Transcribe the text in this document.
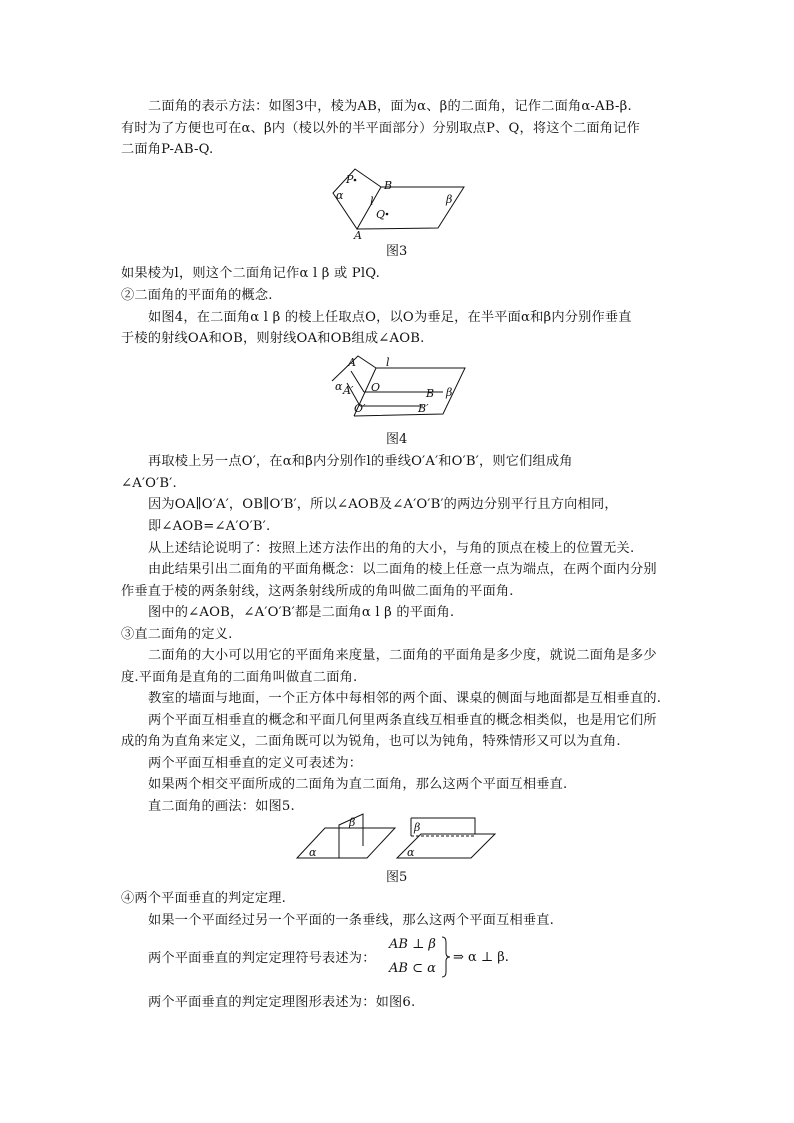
二面角的表示方法：如图3中，棱为AB，面为α、β的二面角，记作二面角α-AB-β.
有时为了方便也可在α、β内（棱以外的半平面部分）分别取点P、Q，将这个二面角记作
二面角P-AB-Q.
P	B
α l
Q
β
A
图3
如果棱为l，则这个二面角记作α l β 或 PlQ.
②二面角的平面角的概念.
如图4，在二面角α l β 的棱上任取点O，以O为垂足，在半平面α和β内分别作垂直
于棱的射线OA和OB，则射线OA和OB组成∠AOB.
A	l
α A′ O	B β
O′	B′
图4
再取棱上另一点O′，在α和β内分别作l的垂线O′A′和O′B′，则它们组成角
∠A′O′B′.
因为OA∥O′A′，OB∥O′B′，所以∠AOB及∠A′O′B′的两边分别平行且方向相同，
即∠AOB=∠A′O′B′.
从上述结论说明了：按照上述方法作出的角的大小，与角的顶点在棱上的位置无关.
由此结果引出二面角的平面角概念：以二面角的棱上任意一点为端点，在两个面内分别
作垂直于棱的两条射线，这两条射线所成的角叫做二面角的平面角.
图中的∠AOB，∠A′O′B′都是二面角α l β 的平面角.
③直二面角的定义.
二面角的大小可以用它的平面角来度量，二面角的平面角是多少度，就说二面角是多少
度.平面角是直角的二面角叫做直二面角.
教室的墙面与地面，一个正方体中每相邻的两个面、课桌的侧面与地面都是互相垂直的.
两个平面互相垂直的概念和平面几何里两条直线互相垂直的概念相类似，也是用它们所
成的角为直角来定义，二面角既可以为锐角，也可以为钝角，特殊情形又可以为直角.
两个平面互相垂直的定义可表述为：
如果两个相交平面所成的二面角为直二面角，那么这两个平面互相垂直.
直二面角的画法：如图5.
α
β
α
β
图5
④两个平面垂直的判定定理.
如果一个平面经过另一个平面的一条垂线，那么这两个平面互相垂直.
两个平面垂直的判定定理符号表述为：
AB ⊥ β
AB ⊂ α
⇒ α ⊥ β.
两个平面垂直的判定定理图形表述为：如图6.
